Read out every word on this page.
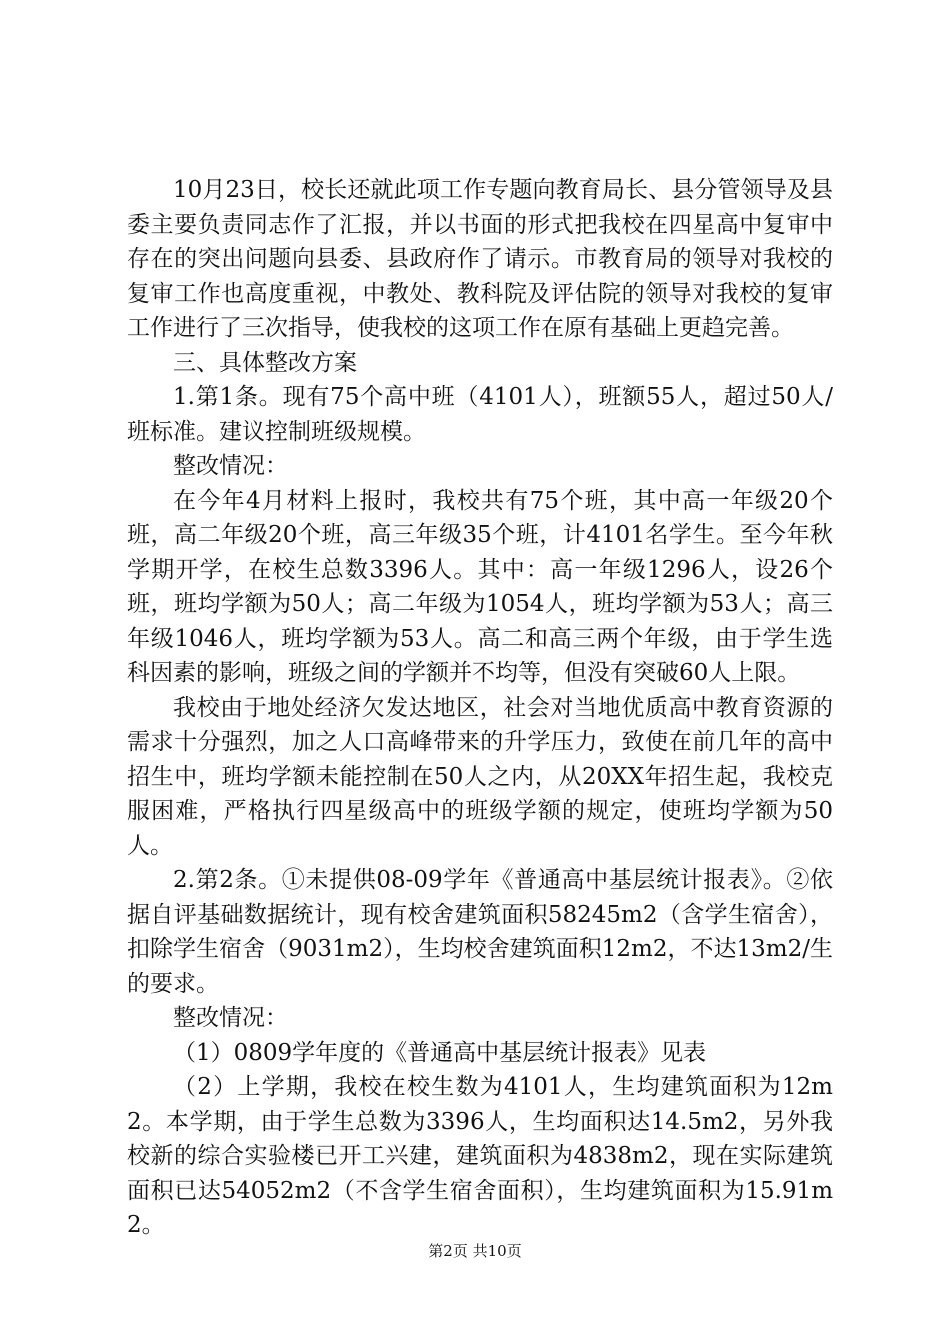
10月23日，校长还就此项工作专题向教育局长、县分管领导及县委主要负责同志作了汇报，并以书面的形式把我校在四星高中复审中存在的突出问题向县委、县政府作了请示。市教育局的领导对我校的复审工作也高度重视，中教处、教科院及评估院的领导对我校的复审工作进行了三次指导，使我校的这项工作在原有基础上更趋完善。

三、具体整改方案

1.第1条。现有75个高中班（4101人），班额55人，超过50人/班标准。建议控制班级规模。

整改情况：

在今年4月材料上报时，我校共有75个班，其中高一年级20个班，高二年级20个班，高三年级35个班，计4101名学生。至今年秋学期开学，在校生总数3396人。其中：高一年级1296人，设26个班，班均学额为50人；高二年级为1054人，班均学额为53人；高三年级1046人，班均学额为53人。高二和高三两个年级，由于学生选科因素的影响，班级之间的学额并不均等，但没有突破60人上限。

我校由于地处经济欠发达地区，社会对当地优质高中教育资源的需求十分强烈，加之人口高峰带来的升学压力，致使在前几年的高中招生中，班均学额未能控制在50人之内，从20XX年招生起，我校克服困难，严格执行四星级高中的班级学额的规定，使班均学额为50人。

2.第2条。①未提供08-09学年《普通高中基层统计报表》。②依据自评基础数据统计，现有校舍建筑面积58245m2（含学生宿舍），扣除学生宿舍（9031m2），生均校舍建筑面积12m2，不达13m2/生的要求。

整改情况：

（1）0809学年度的《普通高中基层统计报表》见表

（2）上学期，我校在校生数为4101人，生均建筑面积为12m2。本学期，由于学生总数为3396人，生均面积达14.5m2，另外我校新的综合实验楼已开工兴建，建筑面积为4838m2，现在实际建筑面积已达54052m2（不含学生宿舍面积），生均建筑面积为15.91m2。

第2页 共10页
